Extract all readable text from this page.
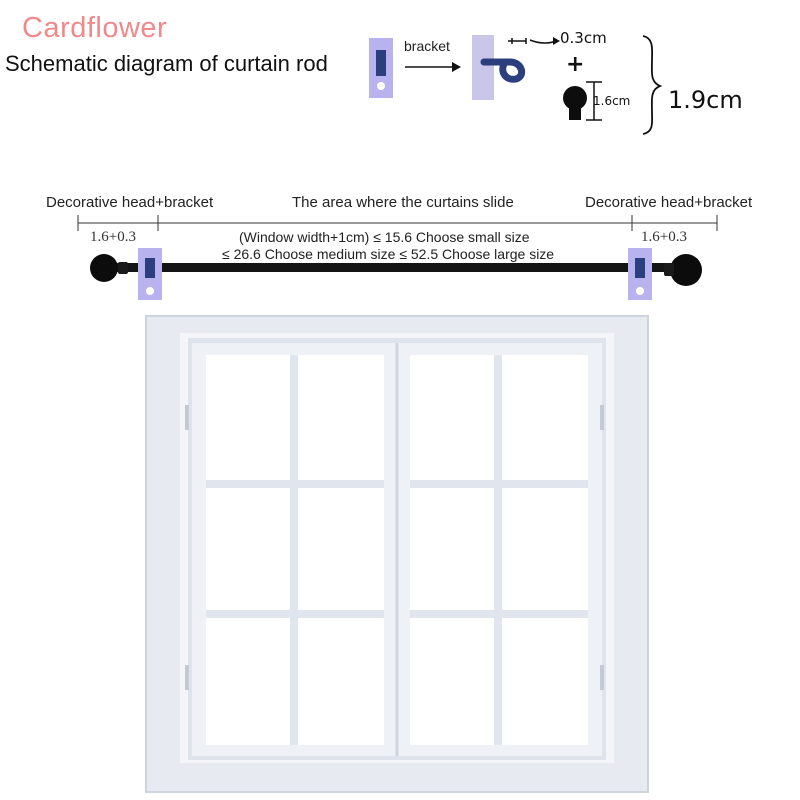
Cardflower
Schematic diagram of curtain rod
bracket	0.3cm
+
1.6cm 1.9cm
Decorative head+bracket	The area where the curtains slide	Decorative head+bracket
1.6+0.3	1.6+0.3
(Window width+1cm) ≤ 15.6 Choose small size
≤ 26.6 Choose medium size ≤ 52.5 Choose large size
